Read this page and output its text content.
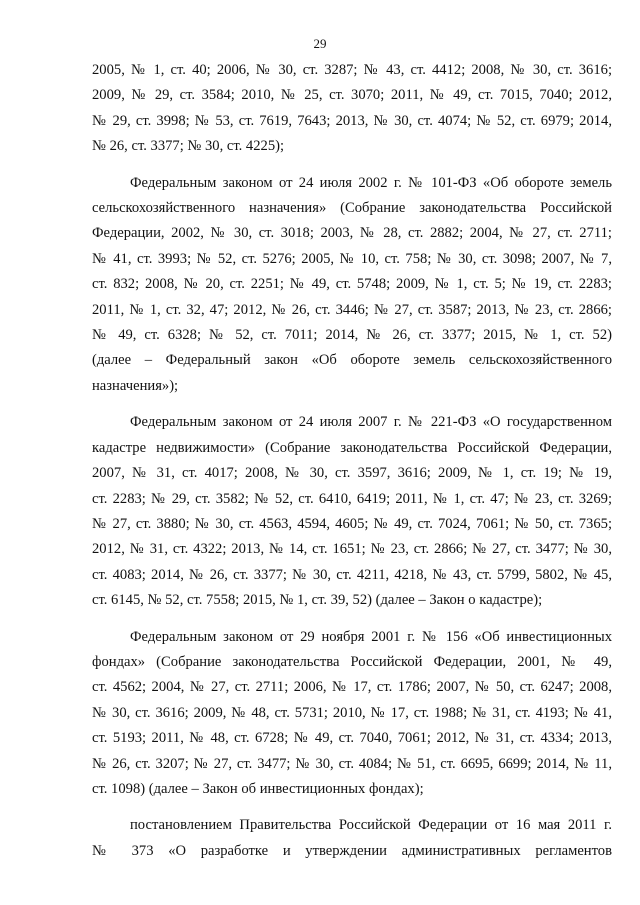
29

2005, № 1, ст. 40; 2006, № 30, ст. 3287; № 43, ст. 4412; 2008, № 30, ст. 3616;
2009, № 29, ст. 3584; 2010, № 25, ст. 3070; 2011, № 49, ст. 7015, 7040; 2012,
№ 29, ст. 3998; № 53, ст. 7619, 7643; 2013, № 30, ст. 4074; № 52, ст. 6979; 2014,
№ 26, ст. 3377; № 30, ст. 4225);

Федеральным законом от 24 июля 2002 г. № 101-ФЗ «Об обороте земель
сельскохозяйственного назначения» (Собрание законодательства Российской
Федерации, 2002, № 30, ст. 3018; 2003, № 28, ст. 2882; 2004, № 27, ст. 2711;
№ 41, ст. 3993; № 52, ст. 5276; 2005, № 10, ст. 758; № 30, ст. 3098; 2007, № 7,
ст. 832; 2008, № 20, ст. 2251; № 49, ст. 5748; 2009, № 1, ст. 5; № 19, ст. 2283;
2011, № 1, ст. 32, 47; 2012, № 26, ст. 3446; № 27, ст. 3587; 2013, № 23, ст. 2866;
№ 49, ст. 6328; № 52, ст. 7011; 2014, № 26, ст. 3377; 2015, № 1, ст. 52)
(далее – Федеральный закон «Об обороте земель сельскохозяйственного
назначения»);

Федеральным законом от 24 июля 2007 г. № 221-ФЗ «О государственном
кадастре недвижимости» (Собрание законодательства Российской Федерации,
2007, № 31, ст. 4017; 2008, № 30, ст. 3597, 3616; 2009, № 1, ст. 19; № 19,
ст. 2283; № 29, ст. 3582; № 52, ст. 6410, 6419; 2011, № 1, ст. 47; № 23, ст. 3269;
№ 27, ст. 3880; № 30, ст. 4563, 4594, 4605; № 49, ст. 7024, 7061; № 50, ст. 7365;
2012, № 31, ст. 4322; 2013, № 14, ст. 1651; № 23, ст. 2866; № 27, ст. 3477; № 30,
ст. 4083; 2014, № 26, ст. 3377; № 30, ст. 4211, 4218, № 43, ст. 5799, 5802, № 45,
ст. 6145, № 52, ст. 7558; 2015, № 1, ст. 39, 52) (далее – Закон о кадастре);

Федеральным законом от 29 ноября 2001 г. № 156 «Об инвестиционных
фондах» (Собрание законодательства Российской Федерации, 2001, № 49,
ст. 4562; 2004, № 27, ст. 2711; 2006, № 17, ст. 1786; 2007, № 50, ст. 6247; 2008,
№ 30, ст. 3616; 2009, № 48, ст. 5731; 2010, № 17, ст. 1988; № 31, ст. 4193; № 41,
ст. 5193; 2011, № 48, ст. 6728; № 49, ст. 7040, 7061; 2012, № 31, ст. 4334; 2013,
№ 26, ст. 3207; № 27, ст. 3477; № 30, ст. 4084; № 51, ст. 6695, 6699; 2014, № 11,
ст. 1098) (далее – Закон об инвестиционных фондах);

постановлением Правительства Российской Федерации от 16 мая 2011 г.
№ 373 «О разработке и утверждении административных регламентов
